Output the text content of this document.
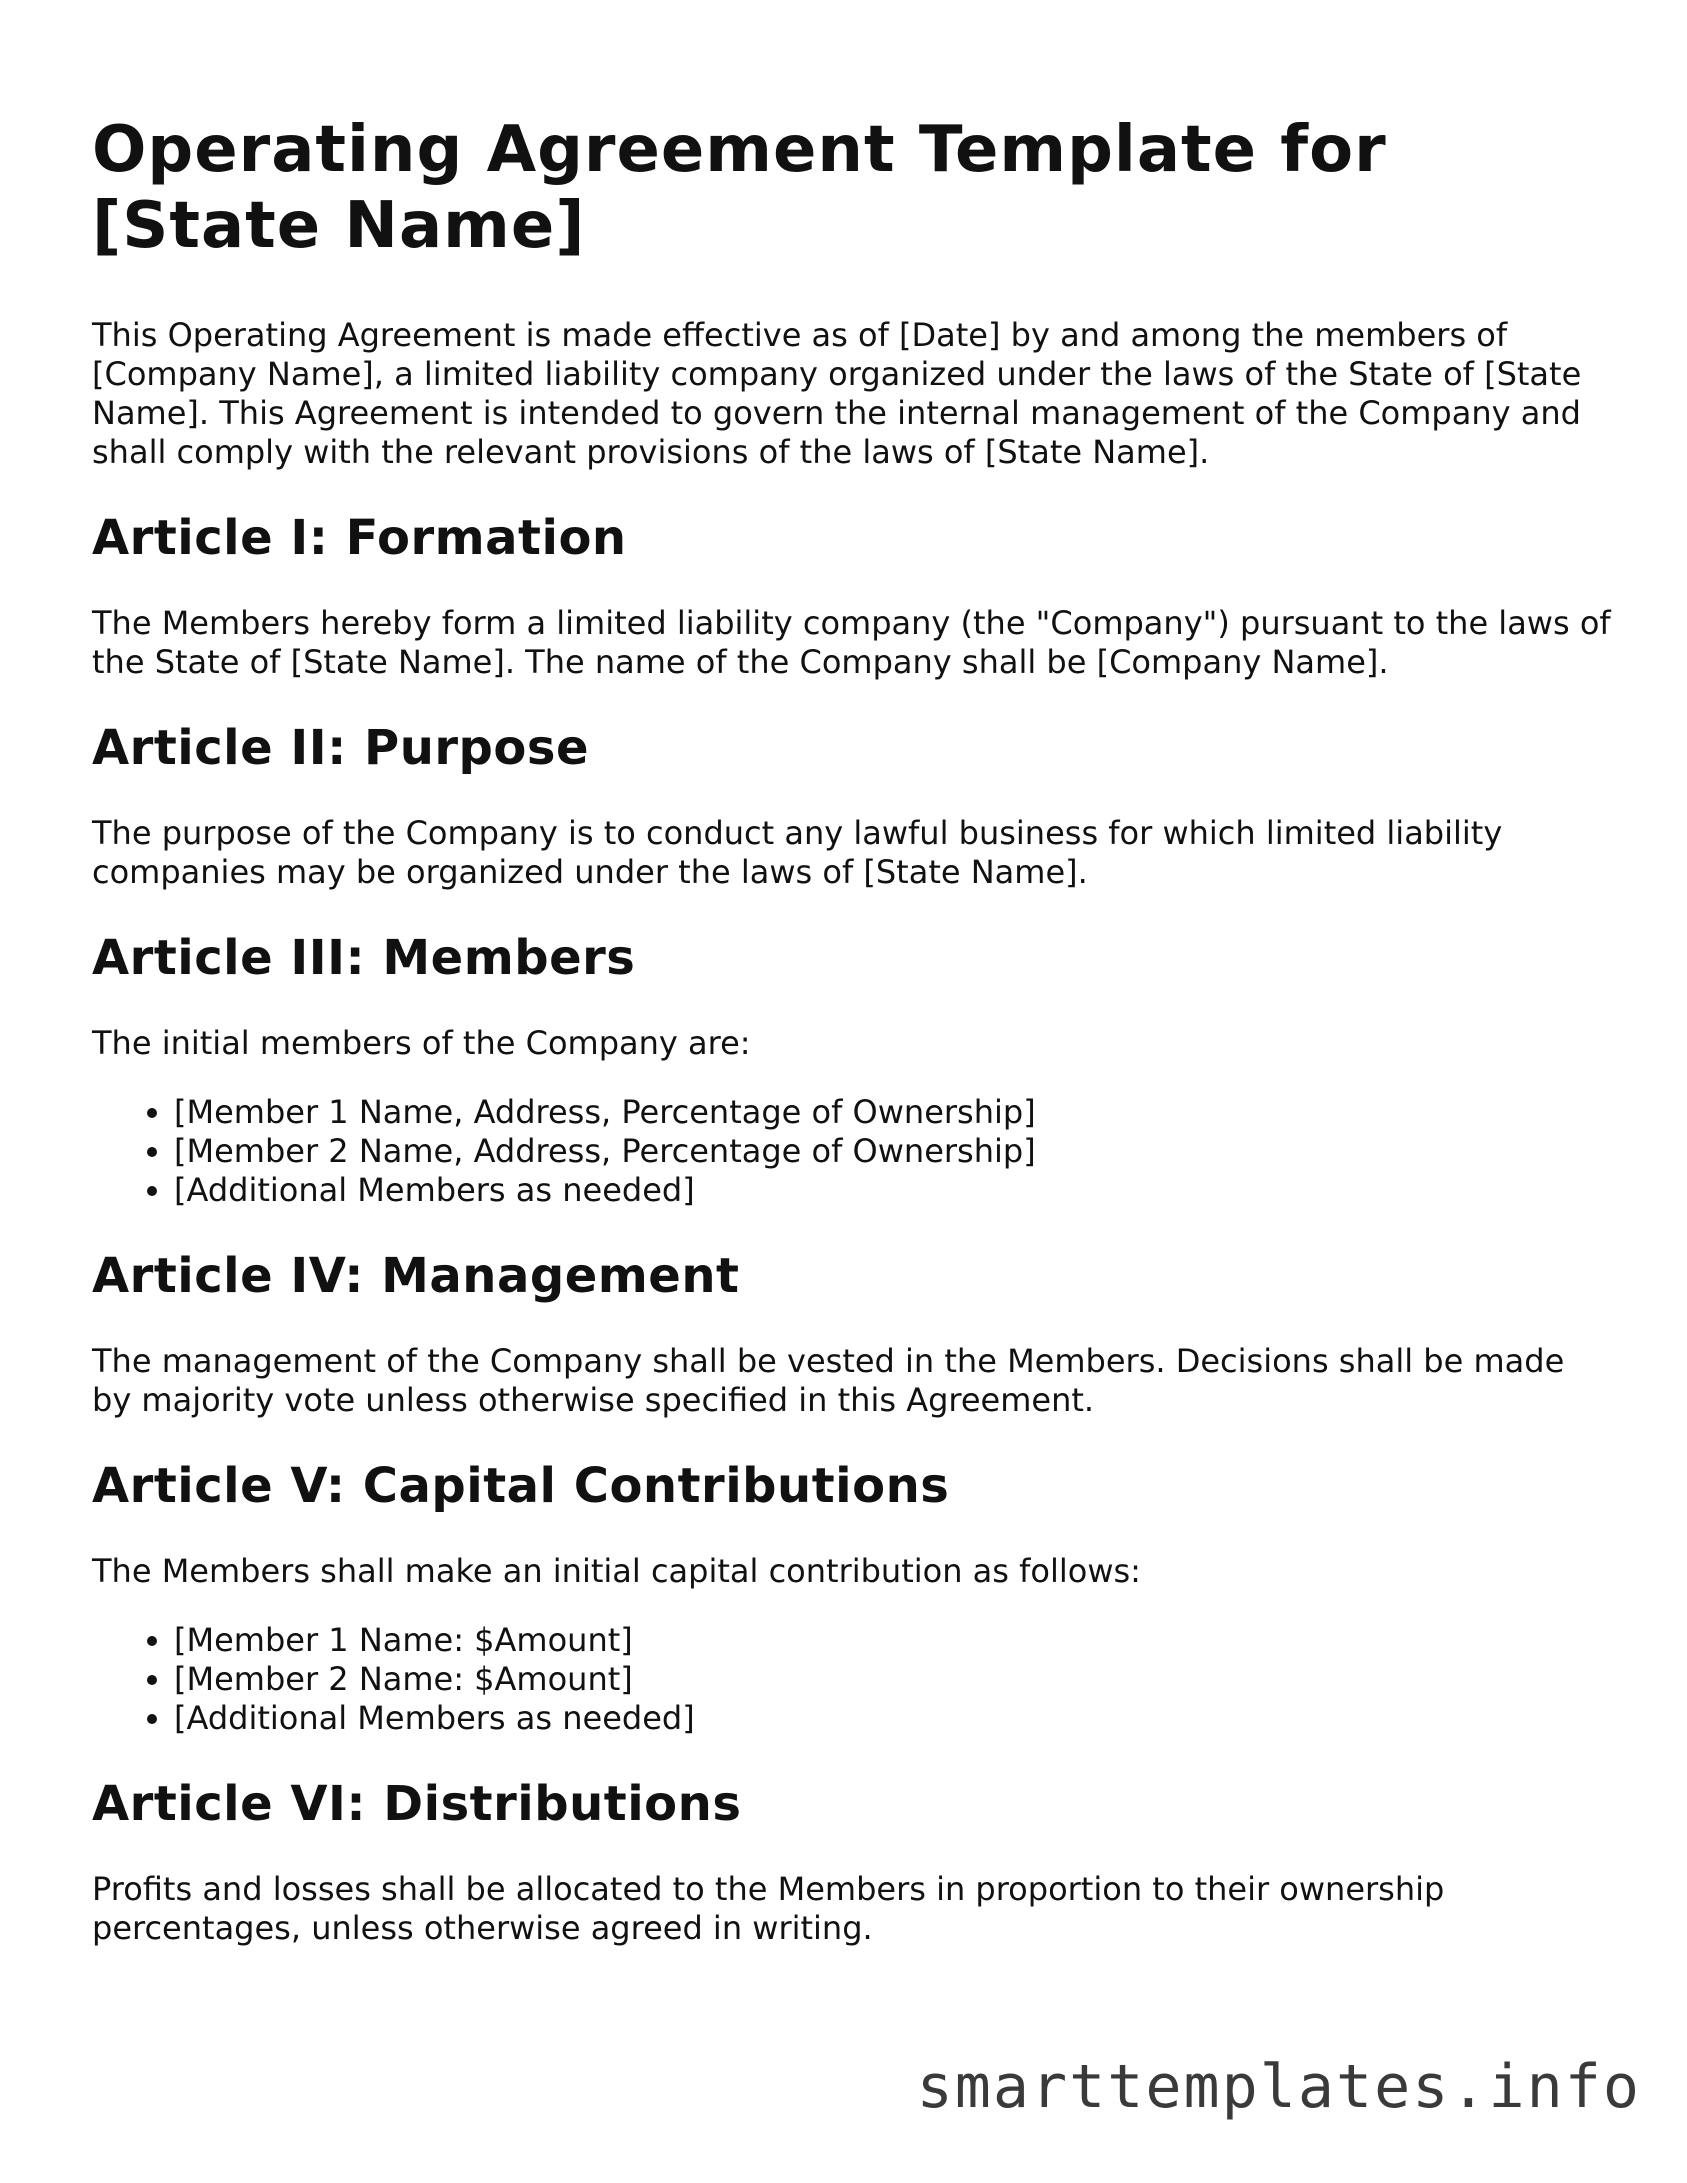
Operating Agreement Template for [State Name]

This Operating Agreement is made effective as of [Date] by and among the members of [Company Name], a limited liability company organized under the laws of the State of [State Name]. This Agreement is intended to govern the internal management of the Company and shall comply with the relevant provisions of the laws of [State Name].

Article I: Formation

The Members hereby form a limited liability company (the "Company") pursuant to the laws of the State of [State Name]. The name of the Company shall be [Company Name].

Article II: Purpose

The purpose of the Company is to conduct any lawful business for which limited liability companies may be organized under the laws of [State Name].

Article III: Members

The initial members of the Company are:

• [Member 1 Name, Address, Percentage of Ownership]
• [Member 2 Name, Address, Percentage of Ownership]
• [Additional Members as needed]
Article IV: Management

The management of the Company shall be vested in the Members. Decisions shall be made by majority vote unless otherwise specified in this Agreement.

Article V: Capital Contributions

The Members shall make an initial capital contribution as follows:

• [Member 1 Name: $Amount]
• [Member 2 Name: $Amount]
• [Additional Members as needed]
Article VI: Distributions

Profits and losses shall be allocated to the Members in proportion to their ownership percentages, unless otherwise agreed in writing.

smarttemplates.info
